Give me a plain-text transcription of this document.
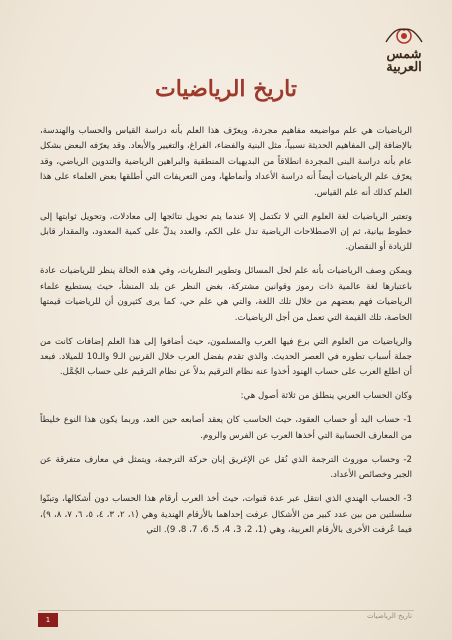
شمس العربية
تاريخ الرياضيات

الرياضيات هي علم مواضيعه مفاهيم مجردة، ويعرّف هذا العلم بأنه دراسة القياس والحساب والهندسة، بالإضافة إلى المفاهيم الحديثة نسبياً، مثل البنية والفضاء، الفراغ، والتغيير والأبعاد. وقد يعرّفه البعض بشكل عام بأنه دراسة البنى المجردة انطلاقاً من البديهيات المنطقية والبراهين الرياضية والتدوين الرياضي، وقد يعرّف علم الرياضيات أيضاً أنه دراسة الأعداد وأنماطها، ومن التعريفات التي أطلقها بعض العلماء على هذا العلم كذلك أنه علم القياس.

وتعتبر الرياضيات لغة العلوم التي لا تكتمل إلا عندما يتم تحويل نتائجها إلى معادلات، وتحويل ثوابتها إلى خطوط بيانية، ثم إن الاصطلاحات الرياضية تدل على الكم، والعدد يدلّ على كمية المعدود، والمقدار قابل للزيادة أو النقصان.

ويمكن وصف الرياضيات بأنه علم لحل المسائل وتطوير النظريات، وفي هذه الحالة ينظر للرياضيات عادة باعتبارها لغة عالمية ذات رموز وقوانين مشتركة، بغض النظر عن بلد المنشأ، حيث يستطيع علماء الرياضيات فهم بعضهم من خلال تلك اللغة، والتي هي علم حي، كما يرى كثيرون أن للرياضيات قيمتها الخاصة، تلك القيمة التي تعمل من أجل الرياضيات.

والرياضيات من العلوم التي برع فيها العرب والمسلمون، حيث أضافوا إلى هذا العلم إضافات كانت من جملة أسباب تطوره في العصر الحديث. والذي تقدم بفضل العرب خلال القرنين الـ9 والـ10 للميلاد. فبعد أن اطلع العرب على حساب الهنود أخذوا عنه نظام الترقيم بدلاً عن نظام الترقيم على حساب الجُمَّل.

وكان الحساب العربي ينطلق من ثلاثة أصول هي:

1- حساب اليد أو حساب العقود، حيث الحاسب كان يعقد أصابعه حين العد، وربما يكون هذا النوع خليطاً من المعارف الحسابية التي أخذها العرب عن الفرس والروم.

2- وحساب موروث الترجمة الذي نُقل عن الإغريق إبان حركة الترجمة، ويتمثل في معارف متفرقة عن الجبر وخصائص الأعداد.

3- الحساب الهندي الذي انتقل عبر عدة قنوات، حيث أخذ العرب أرقام هذا الحساب دون أشكالها، وتبنّوا سلسلتين من بين عدد كبير من الأشكال عرفت إحداهما بالأرقام الهندية وهي (١، ٢، ٣، ٤، ٥، ٦، ٧، ٨، ٩)، فيما عُرفت الأخرى بالأرقام العربية، وهي (1، 2، 3، 4، 5، 6، 7، 8، 9). التي

تاريخ الرياضيات
1
